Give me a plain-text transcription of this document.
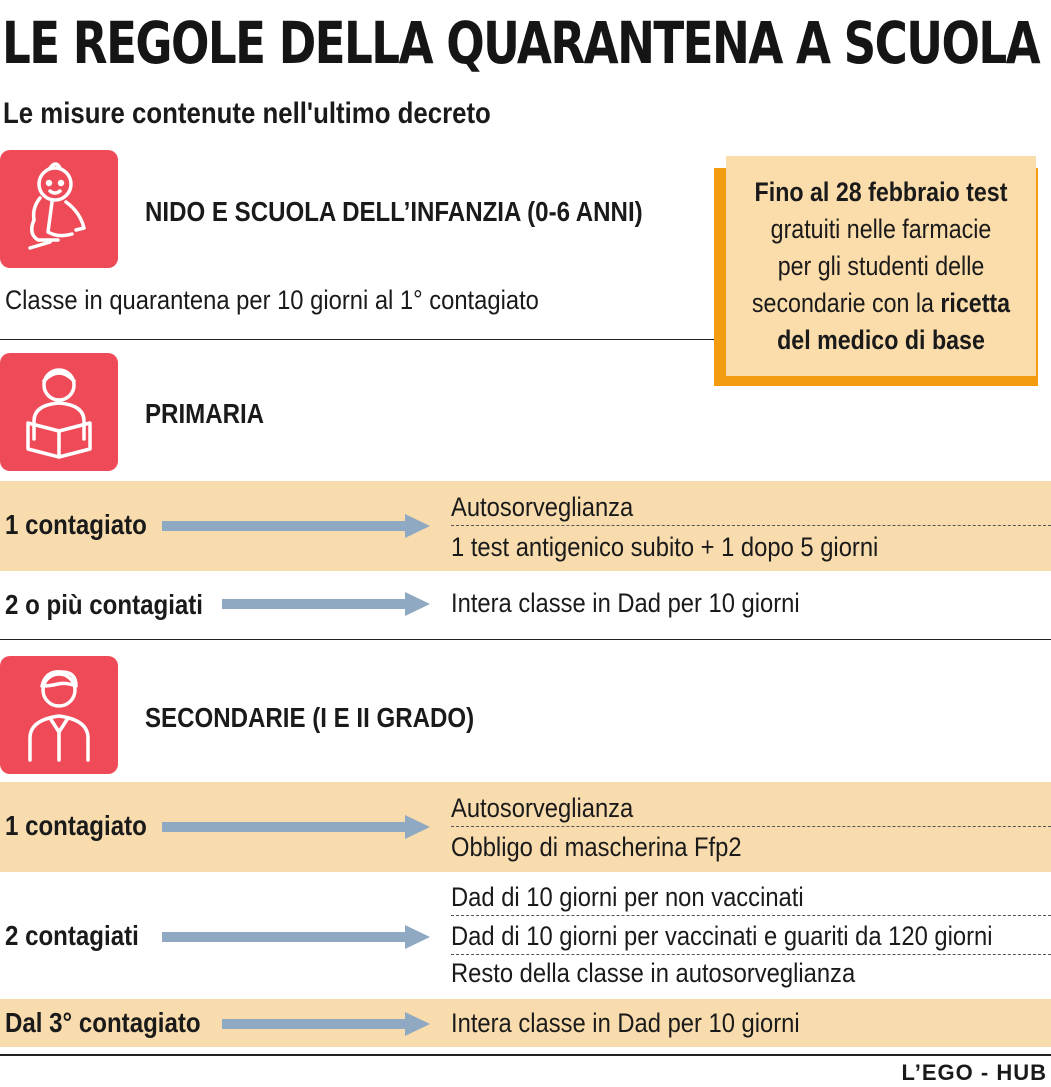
LE REGOLE DELLA QUARANTENA A SCUOLA
Le misure contenute nell'ultimo decreto
Fino al 28 febbraio test
gratuiti nelle farmacie
per gli studenti delle
secondarie con la ricetta
del medico di base
NIDO E SCUOLA DELL’INFANZIA (0-6 ANNI)
Classe in quarantena per 10 giorni al 1° contagiato
PRIMARIA
1 contagiato
Autosorveglianza
1 test antigenico subito + 1 dopo 5 giorni
2 o più contagiati	Intera classe in Dad per 10 giorni
SECONDARIE (I E II GRADO)
1 contagiato
Autosorveglianza
Obbligo di mascherina Ffp2
2 contagiati
Dad di 10 giorni per non vaccinati
Dad di 10 giorni per vaccinati e guariti da 120 giorni
Resto della classe in autosorveglianza
Dal 3° contagiato	Intera classe in Dad per 10 giorni
L’EGO - HUB
